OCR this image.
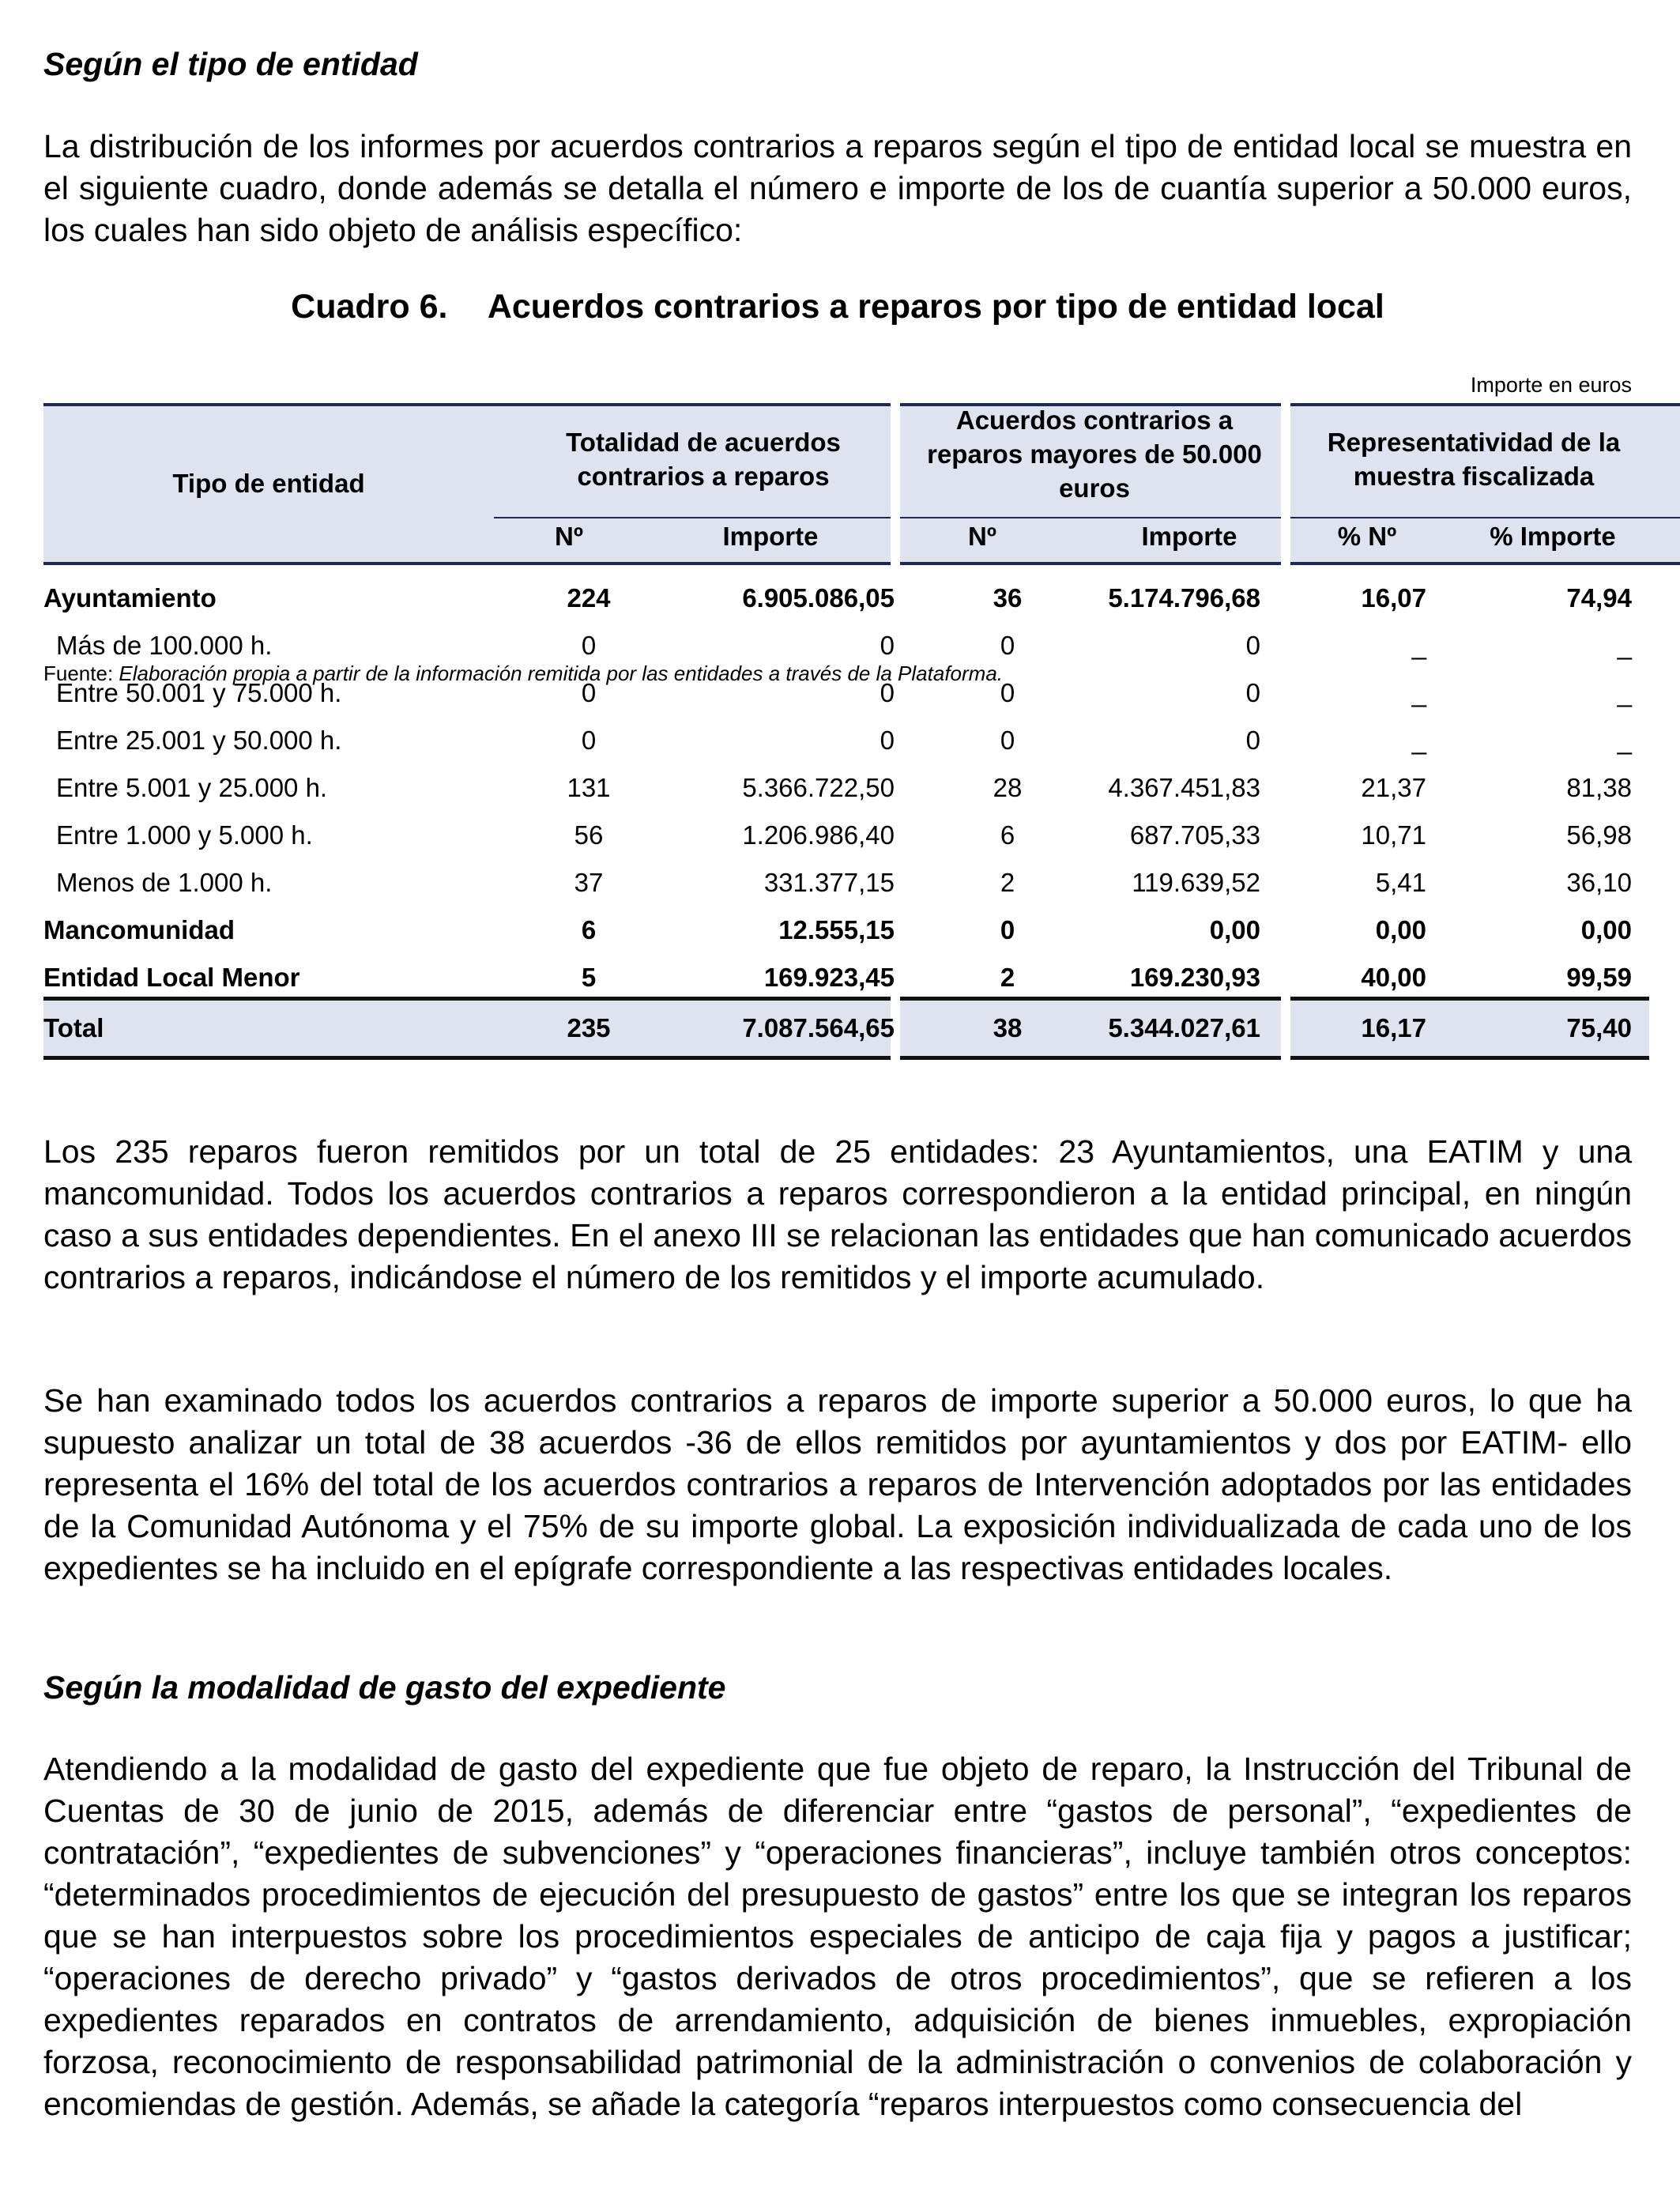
Según el tipo de entidad

La distribución de los informes por acuerdos contrarios a reparos según el tipo de entidad local se muestra en el siguiente cuadro, donde además se detalla el número e importe de los de cuantía superior a 50.000 euros, los cuales han sido objeto de análisis específico:

Cuadro 6. Acuerdos contrarios a reparos por tipo de entidad local
Importe en euros
Tipo de entidad
Totalidad de acuerdos contrarios a reparos
Acuerdos contrarios a reparos mayores de 50.000 euros
Representatividad de la muestra fiscalizada
Nº	Importe	Nº	Importe	% Nº	% Importe
Ayuntamiento	224	6.905.086,05	36	5.174.796,68	16,07	74,94
Más de 100.000 h.	0	0	0	0	_	_
Entre 50.001 y 75.000 h.	0	0	0	0	_	_
Entre 25.001 y 50.000 h.	0	0	0	0	_	_
Entre 5.001 y 25.000 h.	131	5.366.722,50	28	4.367.451,83	21,37	81,38
Entre 1.000 y 5.000 h.	56	1.206.986,40	6	687.705,33	10,71	56,98
Menos de 1.000 h.	37	331.377,15	2	119.639,52	5,41	36,10
Mancomunidad	6	12.555,15	0	0,00	0,00	0,00
Entidad Local Menor	5	169.923,45	2	169.230,93	40,00	99,59
Total	235	7.087.564,65	38	5.344.027,61	16,17	75,40
Fuente: Elaboración propia a partir de la información remitida por las entidades a través de la Plataforma.

Los 235 reparos fueron remitidos por un total de 25 entidades: 23 Ayuntamientos, una EATIM y una mancomunidad. Todos los acuerdos contrarios a reparos correspondieron a la entidad principal, en ningún caso a sus entidades dependientes. En el anexo III se relacionan las entidades que han comunicado acuerdos contrarios a reparos, indicándose el número de los remitidos y el importe acumulado.

Se han examinado todos los acuerdos contrarios a reparos de importe superior a 50.000 euros, lo que ha supuesto analizar un total de 38 acuerdos -36 de ellos remitidos por ayuntamientos y dos por EATIM- ello representa el 16% del total de los acuerdos contrarios a reparos de Intervención adoptados por las entidades de la Comunidad Autónoma y el 75% de su importe global. La exposición individualizada de cada uno de los expedientes se ha incluido en el epígrafe correspondiente a las respectivas entidades locales.

Según la modalidad de gasto del expediente

Atendiendo a la modalidad de gasto del expediente que fue objeto de reparo, la Instrucción del Tribunal de Cuentas de 30 de junio de 2015, además de diferenciar entre “gastos de personal”, “expedientes de contratación”, “expedientes de subvenciones” y “operaciones financieras”, incluye también otros conceptos: “determinados procedimientos de ejecución del presupuesto de gastos” entre los que se integran los reparos que se han interpuestos sobre los procedimientos especiales de anticipo de caja fija y pagos a justificar; “operaciones de derecho privado” y “gastos derivados de otros procedimientos”, que se refieren a los expedientes reparados en contratos de arrendamiento, adquisición de bienes inmuebles, expropiación forzosa, reconocimiento de responsabilidad patrimonial de la administración o convenios de colaboración y encomiendas de gestión. Además, se añade la categoría “reparos interpuestos como consecuencia del
